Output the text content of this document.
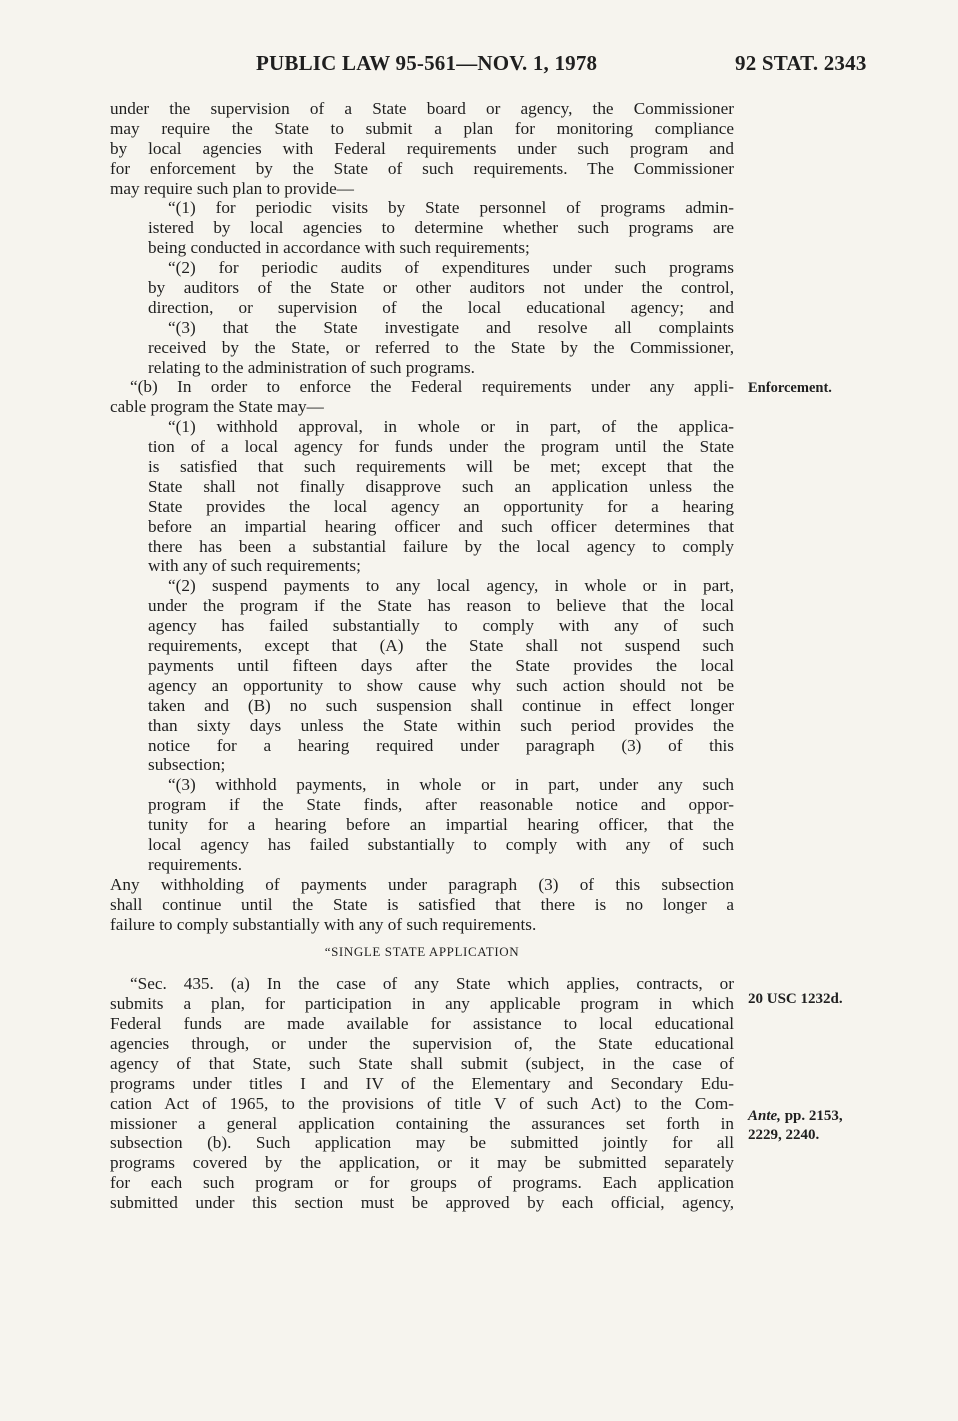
PUBLIC LAW 95-561—NOV. 1, 1978	92 STAT. 2343
under the supervision of a State board or agency, the Commissioner
may require the State to submit a plan for monitoring compliance
by local agencies with Federal requirements under such program and
for enforcement by the State of such requirements. The Commissioner
may require such plan to provide—
“(1) for periodic visits by State personnel of programs admin-
istered by local agencies to determine whether such programs are
being conducted in accordance with such requirements;
“(2) for periodic audits of expenditures under such programs
by auditors of the State or other auditors not under the control,
direction, or supervision of the local educational agency; and
“(3) that the State investigate and resolve all complaints
received by the State, or referred to the State by the Commissioner,
relating to the administration of such programs.
“(b) In order to enforce the Federal requirements under any appli-
cable program the State may—
“(1) withhold approval, in whole or in part, of the applica-
tion of a local agency for funds under the program until the State
is satisfied that such requirements will be met; except that the
State shall not finally disapprove such an application unless the
State provides the local agency an opportunity for a hearing
before an impartial hearing officer and such officer determines that
there has been a substantial failure by the local agency to comply
with any of such requirements;
“(2) suspend payments to any local agency, in whole or in part,
under the program if the State has reason to believe that the local
agency has failed substantially to comply with any of such
requirements, except that (A) the State shall not suspend such
payments until fifteen days after the State provides the local
agency an opportunity to show cause why such action should not be
taken and (B) no such suspension shall continue in effect longer
than sixty days unless the State within such period provides the
notice for a hearing required under paragraph (3) of this
subsection;
“(3) withhold payments, in whole or in part, under any such
program if the State finds, after reasonable notice and oppor-
tunity for a hearing before an impartial hearing officer, that the
local agency has failed substantially to comply with any of such
requirements.
Any withholding of payments under paragraph (3) of this subsection
shall continue until the State is satisfied that there is no longer a
failure to comply substantially with any of such requirements.
“SINGLE STATE APPLICATION
“Sec. 435. (a) In the case of any State which applies, contracts, or
submits a plan, for participation in any applicable program in which
Federal funds are made available for assistance to local educational
agencies through, or under the supervision of, the State educational
agency of that State, such State shall submit (subject, in the case of
programs under titles I and IV of the Elementary and Secondary Edu-
cation Act of 1965, to the provisions of title V of such Act) to the Com-
missioner a general application containing the assurances set forth in
subsection (b). Such application may be submitted jointly for all
programs covered by the application, or it may be submitted separately
for each such program or for groups of programs. Each application
submitted under this section must be approved by each official, agency,
Enforcement.
20 USC 1232d.
Ante, pp. 2153,
2229, 2240.
